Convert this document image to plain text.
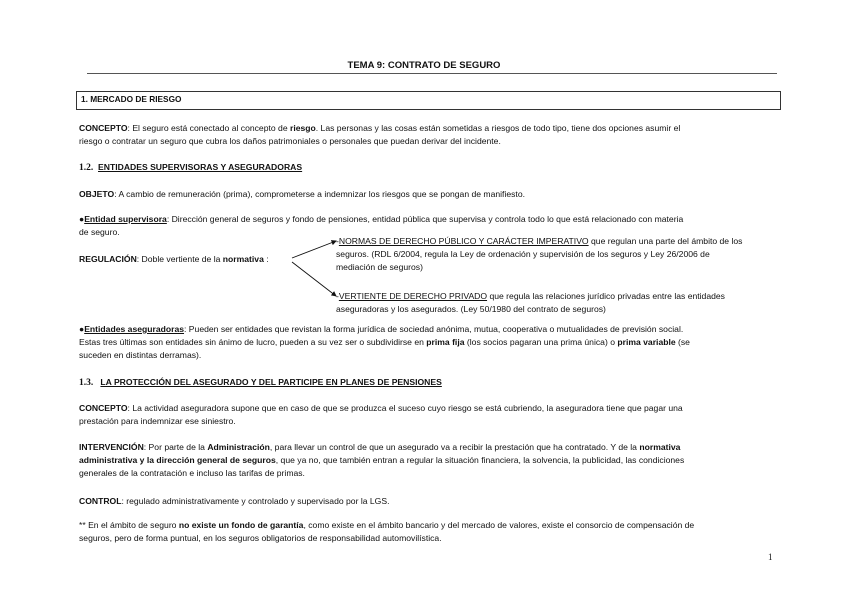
TEMA 9: CONTRATO DE SEGURO
1. MERCADO DE RIESGO
CONCEPTO: El seguro está conectado al concepto de riesgo. Las personas y las cosas están sometidas a riesgos de todo tipo, tiene dos opciones asumir el
riesgo o contratar un seguro que cubra los daños patrimoniales o personales que puedan derivar del incidente.
1.2. ENTIDADES SUPERVISORAS Y ASEGURADORAS
OBJETO: A cambio de remuneración (prima), comprometerse a indemnizar los riesgos que se pongan de manifiesto.
●Entidad supervisora: Dirección general de seguros y fondo de pensiones, entidad pública que supervisa y controla todo lo que está relacionado con materia
de seguro.
REGULACIÓN: Doble vertiente de la normativa :
-NORMAS DE DERECHO PÚBLICO Y CARÁCTER IMPERATIVO que regulan una parte del ámbito de los
seguros. (RDL 6/2004, regula la Ley de ordenación y supervisión de los seguros y Ley 26/2006 de
mediación de seguros)
-VERTIENTE DE DERECHO PRIVADO que regula las relaciones jurídico privadas entre las entidades
aseguradoras y los asegurados. (Ley 50/1980 del contrato de seguros)
●Entidades aseguradoras: Pueden ser entidades que revistan la forma jurídica de sociedad anónima, mutua, cooperativa o mutualidades de previsión social.
Estas tres últimas son entidades sin ánimo de lucro, pueden a su vez ser o subdividirse en prima fija (los socios pagaran una prima única) o prima variable (se
suceden en distintas derramas).
1.3. LA PROTECCIÓN DEL ASEGURADO Y DEL PARTICIPE EN PLANES DE PENSIONES
CONCEPTO: La actividad aseguradora supone que en caso de que se produzca el suceso cuyo riesgo se está cubriendo, la aseguradora tiene que pagar una
prestación para indemnizar ese siniestro.
INTERVENCIÓN: Por parte de la Administración, para llevar un control de que un asegurado va a recibir la prestación que ha contratado. Y de la normativa
administrativa y la dirección general de seguros, que ya no, que también entran a regular la situación financiera, la solvencia, la publicidad, las condiciones
generales de la contratación e incluso las tarifas de primas.
CONTROL: regulado administrativamente y controlado y supervisado por la LGS.
** En el ámbito de seguro no existe un fondo de garantía, como existe en el ámbito bancario y del mercado de valores, existe el consorcio de compensación de
seguros, pero de forma puntual, en los seguros obligatorios de responsabilidad automovilística.
1
